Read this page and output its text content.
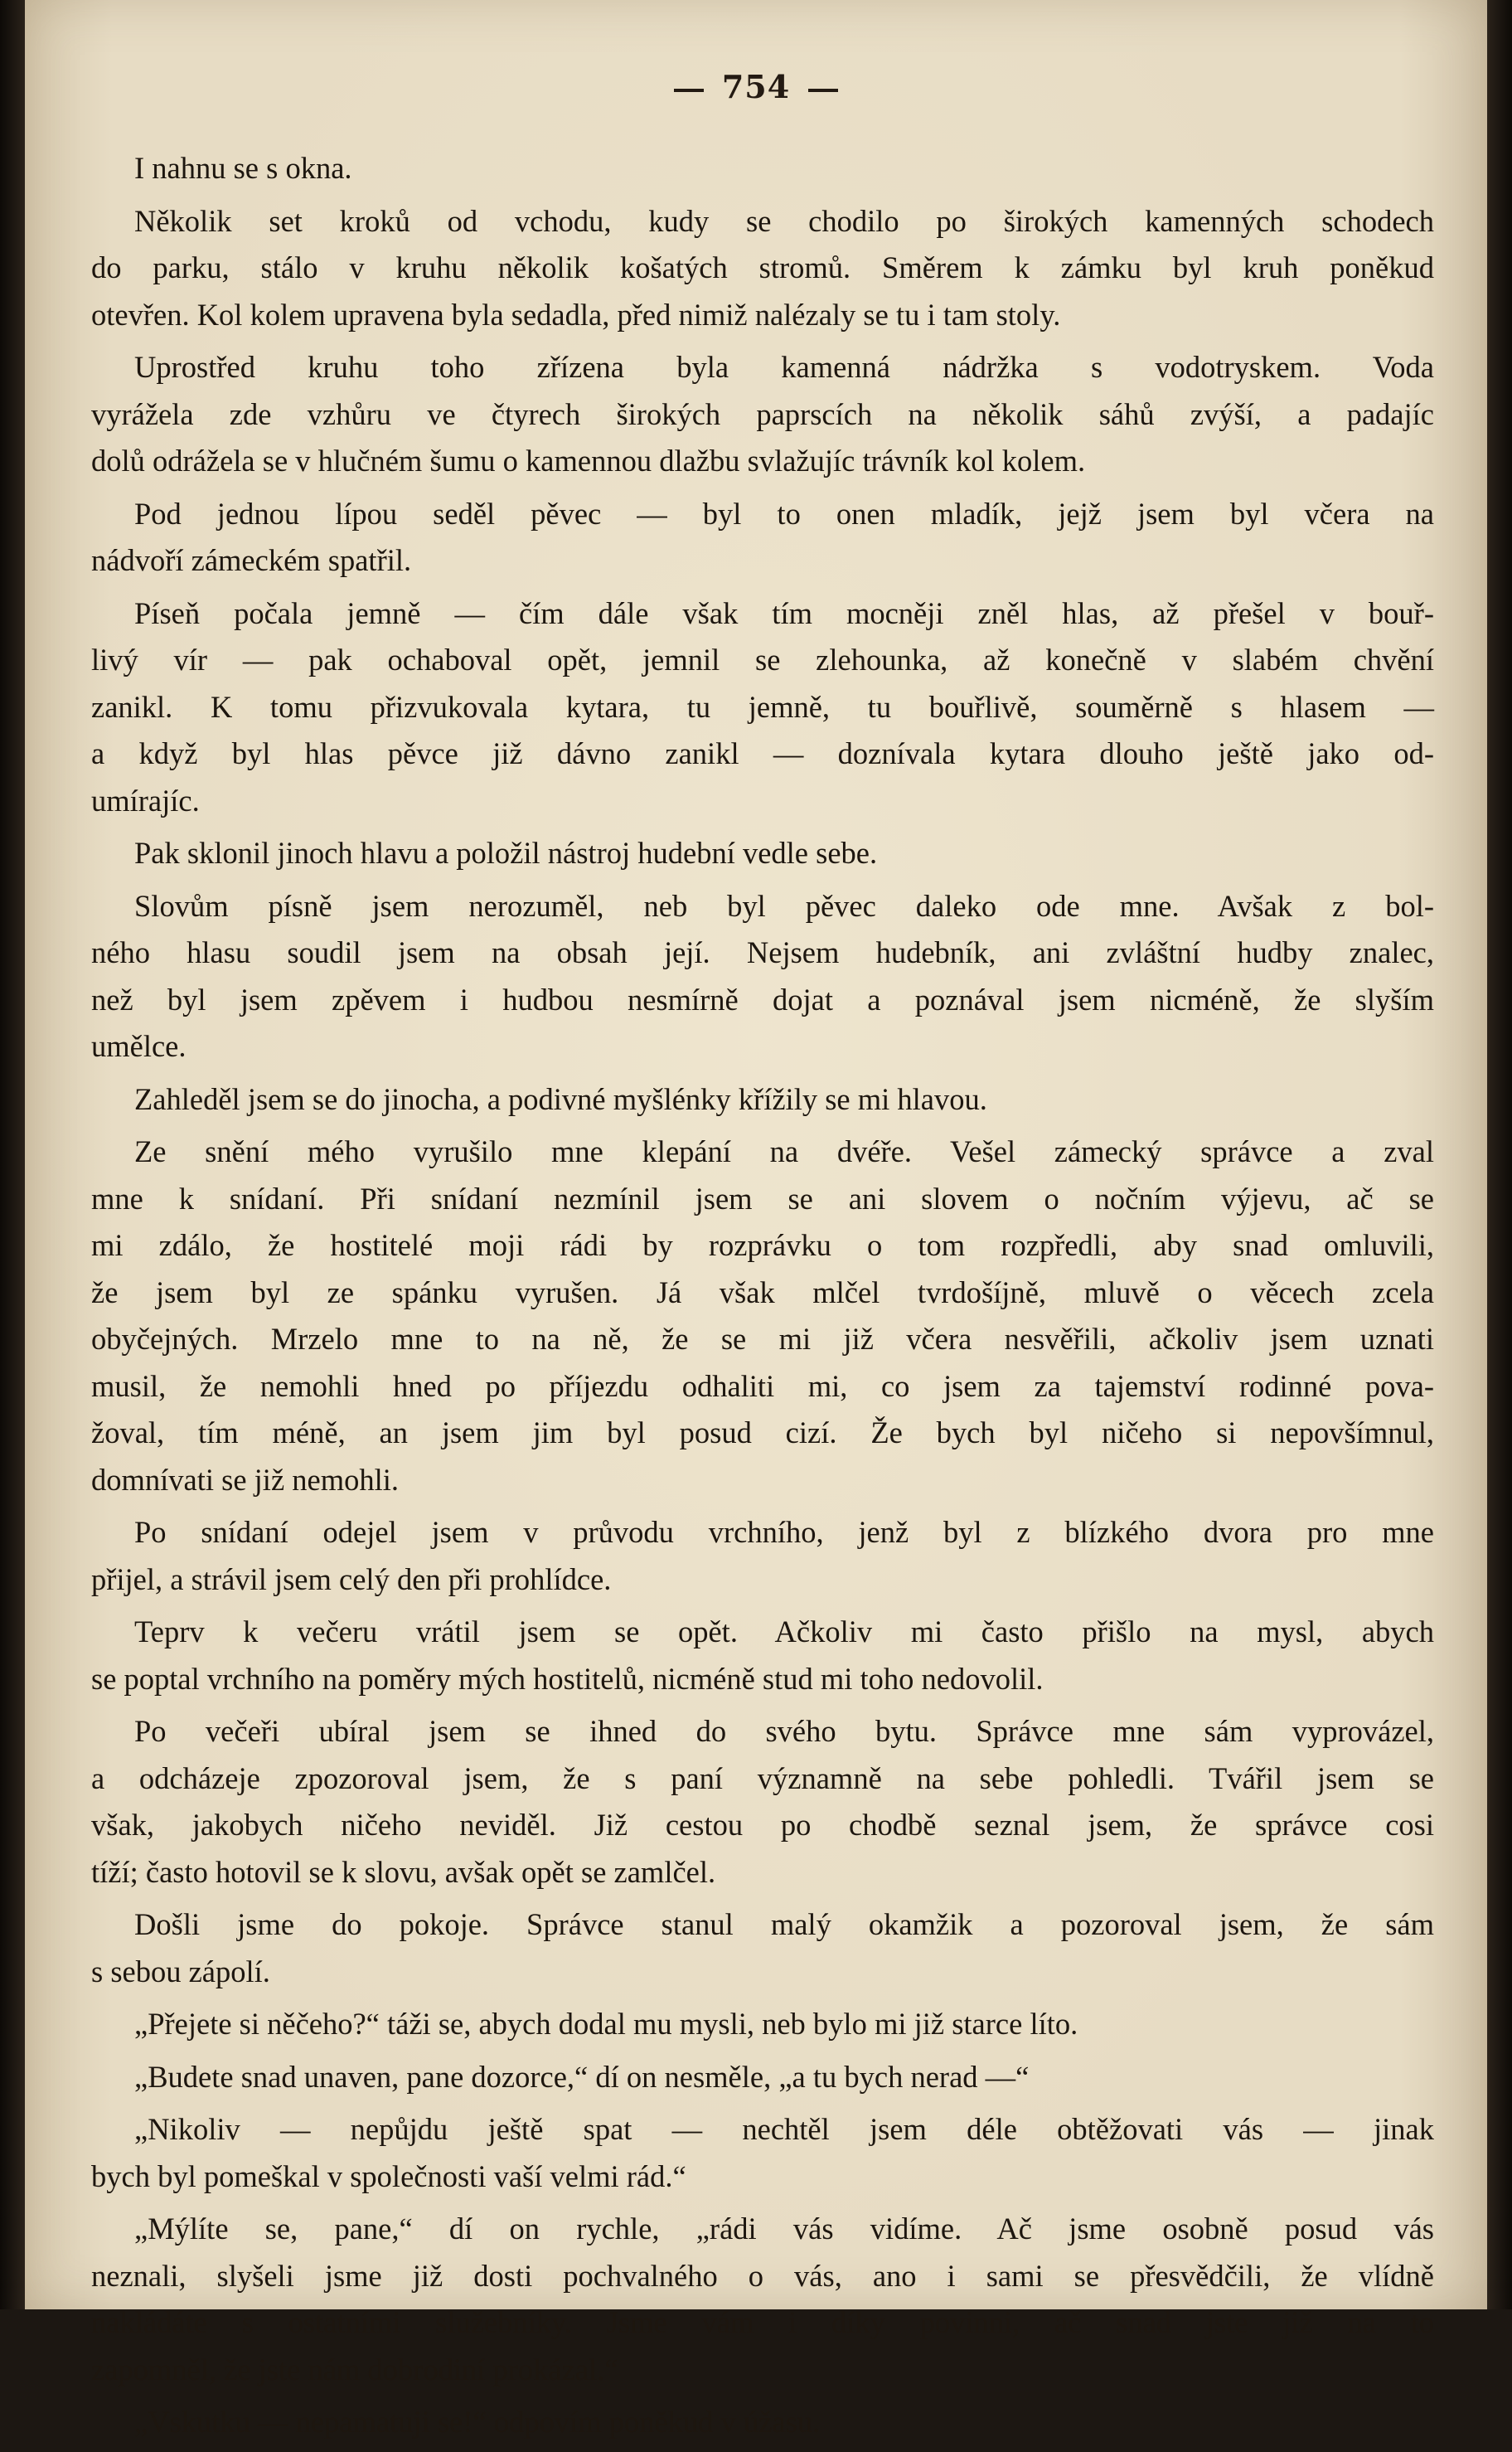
754
I nahnu se s okna.
Několik set kroků od vchodu, kudy se chodilo po širokých kamenných schodech
do parku, stálo v kruhu několik košatých stromů. Směrem k zámku byl kruh poněkud
otevřen. Kol kolem upravena byla sedadla, před nimiž nalézaly se tu i tam stoly.
Uprostřed kruhu toho zřízena byla kamenná nádržka s vodotryskem. Voda
vyrážela zde vzhůru ve čtyrech širokých paprscích na několik sáhů zvýší, a padajíc
dolů odrážela se v hlučném šumu o kamennou dlažbu svlažujíc trávník kol kolem.
Pod jednou lípou seděl pěvec — byl to onen mladík, jejž jsem byl včera na
nádvoří zámeckém spatřil.
Píseň počala jemně — čím dále však tím mocněji zněl hlas, až přešel v bouř-
livý vír — pak ochaboval opět, jemnil se zlehounka, až konečně v slabém chvění
zanikl. K tomu přizvukovala kytara, tu jemně, tu bouřlivě, souměrně s hlasem —
a když byl hlas pěvce již dávno zanikl — doznívala kytara dlouho ještě jako od-
umírajíc.
Pak sklonil jinoch hlavu a položil nástroj hudební vedle sebe.
Slovům písně jsem nerozuměl, neb byl pěvec daleko ode mne. Avšak z bol-
ného hlasu soudil jsem na obsah její. Nejsem hudebník, ani zvláštní hudby znalec,
než byl jsem zpěvem i hudbou nesmírně dojat a poznával jsem nicméně, že slyším
umělce.
Zahleděl jsem se do jinocha, a podivné myšlénky křížily se mi hlavou.
Ze snění mého vyrušilo mne klepání na dvéře. Vešel zámecký správce a zval
mne k snídaní. Při snídaní nezmínil jsem se ani slovem o nočním výjevu, ač se
mi zdálo, že hostitelé moji rádi by rozprávku o tom rozpředli, aby snad omluvili,
že jsem byl ze spánku vyrušen. Já však mlčel tvrdošíjně, mluvě o věcech zcela
obyčejných. Mrzelo mne to na ně, že se mi již včera nesvěřili, ačkoliv jsem uznati
musil, že nemohli hned po příjezdu odhaliti mi, co jsem za tajemství rodinné pova-
žoval, tím méně, an jsem jim byl posud cizí. Že bych byl ničeho si nepovšímnul,
domnívati se již nemohli.
Po snídaní odejel jsem v průvodu vrchního, jenž byl z blízkého dvora pro mne
přijel, a strávil jsem celý den při prohlídce.
Teprv k večeru vrátil jsem se opět. Ačkoliv mi často přišlo na mysl, abych
se poptal vrchního na poměry mých hostitelů, nicméně stud mi toho nedovolil.
Po večeři ubíral jsem se ihned do svého bytu. Správce mne sám vyprovázel,
a odcházeje zpozoroval jsem, že s paní významně na sebe pohledli. Tvářil jsem se
však, jakobych ničeho neviděl. Již cestou po chodbě seznal jsem, že správce cosi
tíží; často hotovil se k slovu, avšak opět se zamlčel.
Došli jsme do pokoje. Správce stanul malý okamžik a pozoroval jsem, že sám
s sebou zápolí.
„Přejete si něčeho?“ táži se, abych dodal mu mysli, neb bylo mi již starce líto.
„Budete snad unaven, pane dozorce,“ dí on nesměle, „a tu bych nerad —“
„Nikoliv — nepůjdu ještě spat — nechtěl jsem déle obtěžovati vás — jinak
bych byl pomeškal v společnosti vaší velmi rád.“
„Mýlíte se, pane,“ dí on rychle, „rádi vás vidíme. Ač jsme osobně posud vás
neznali, slyšeli jsme již dosti pochvalného o vás, ano i sami se přesvědčili, že vlídně
nakládáte s ostatními služebníky. Jsme vám i díky povinni, ač snad jste již na to
zapomněl, že jste nám dobrodiní prokázal.“
„Vskutku — nepamatuji se!“ odpovím poněkud v úžasu.
